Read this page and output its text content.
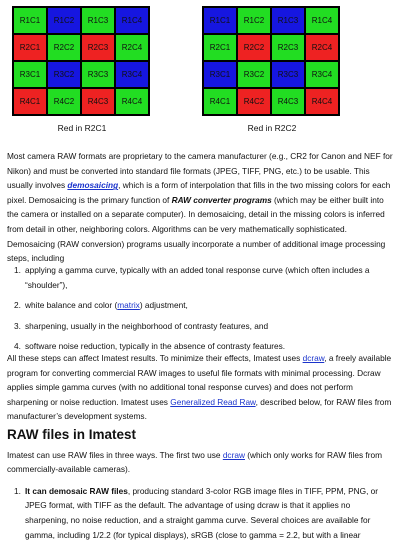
R1C1	R1C2	R1C3	R1C4
R2C1	R2C2	R2C3	R2C4
R3C1	R3C2	R3C3	R3C4
R4C1	R4C2	R4C3	R4C4
R1C1	R1C2	R1C3	R1C4
R2C1	R2C2	R2C3	R2C4
R3C1	R3C2	R3C3	R3C4
R4C1	R4C2	R4C3	R4C4
Red in R2C1	Red in R2C2

Most camera RAW formats are proprietary to the camera manufacturer (e.g., CR2 for Canon and NEF for Nikon) and must be converted into standard file formats (JPEG, TIFF, PNG, etc.) to be usable. This usually involves demosaicing, which is a form of interpolation that fills in the two missing colors for each pixel. Demosaicing is the primary function of RAW converter programs (which may be either built into the camera or installed on a separate computer). In demosaicing, detail in the missing colors is inferred from detail in other, neighboring colors. Algorithms can be very mathematically sophisticated. Demosaicing (RAW conversion) programs usually incorporate a number of additional image processing steps, including

1. applying a gamma curve, typically with an added tonal response curve (which often includes a “shoulder”),
2. white balance and color (matrix) adjustment,
3. sharpening, usually in the neighborhood of contrasty features, and
4. software noise reduction, typically in the absence of contrasty features.

All these steps can affect Imatest results. To minimize their effects, Imatest uses dcraw, a freely available program for converting commercial RAW images to useful file formats with minimal processing. Dcraw applies simple gamma curves (with no additional tonal response curves) and does not perform sharpening or noise reduction. Imatest uses Generalized Read Raw, described below, for RAW files from manufacturer’s development systems.

RAW files in Imatest

Imatest can use RAW files in three ways. The first two use dcraw (which only works for RAW files from commercially-available cameras).

1. It can demosaic RAW files, producing standard 3-color RGB image files in TIFF, PPM, PNG, or JPEG format, with TIFF as the default. The advantage of using dcraw is that it applies no sharpening, no noise reduction, and a straight gamma curve. Several choices are available for gamma, including 1/2.2 (for typical displays), sRGB (close to gamma = 2.2, but with a linear
